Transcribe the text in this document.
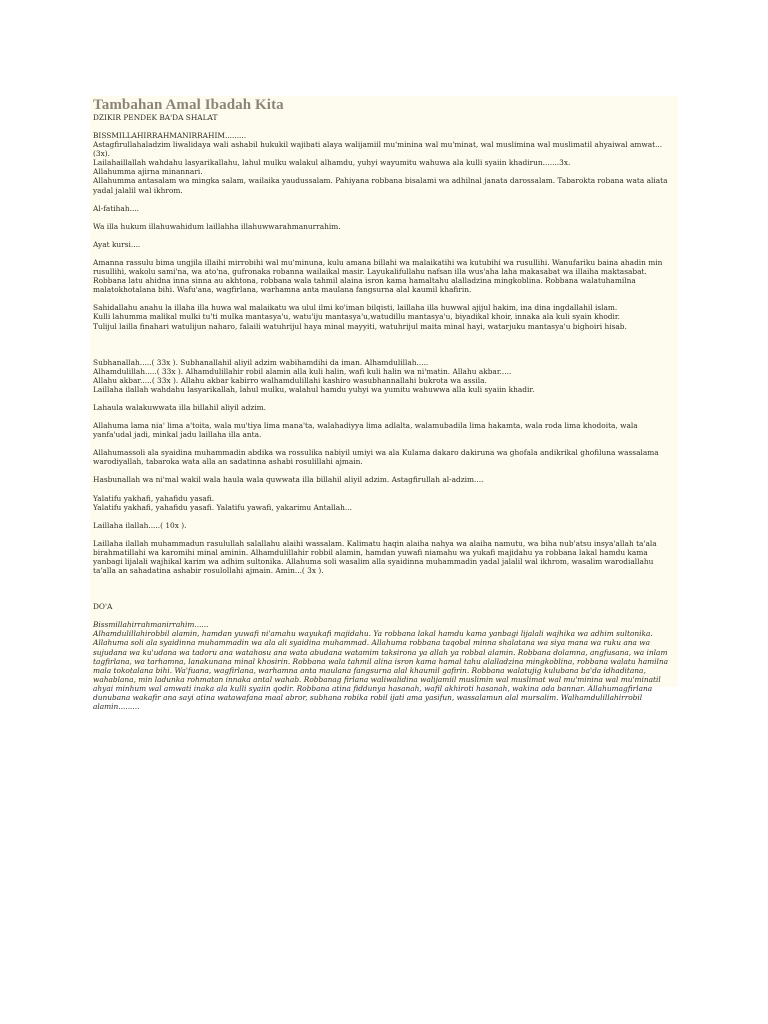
Tambahan Amal Ibadah Kita
DZIKIR PENDEK BA'DA SHALAT
BISSMILLAHIRRAHMANIRRAHIM.........
Astagfirullahaladzim liwalidaya wali ashabil hukukil wajibati alaya walijamiil mu'minina wal mu'minat, wal muslimina wal muslimatil ahyaiwal amwat...(3x).
Lailahaillallah wahdahu lasyarikallahu, lahul mulku walakul alhamdu, yuhyi wayumitu wahuwa ala kulli syaiin khadirun.......3x.
Allahumma ajirna minannari.
Allahumma antasalam wa mingka salam, wailaika yaudussalam. Pahiyana robbana bisalami wa adhilnal janata darossalam. Tabarokta robana wata aliata yadal jalalil wal ikhrom.
Al-fatihah....
Wa illa hukum illahuwahidum laillahha illahuwwarahmanurrahim.
Ayat kursi....
Amanna rassulu bima ungjila illaihi mirrobihi wal mu'minuna, kulu amana billahi wa malaikatihi wa kutubihi wa rusullihi. Wanufariku baina ahadin min rusullihi, wakolu sami'na, wa ato'na, gufronaka robanna wailaikal masir. Layukalifullahu nafsan illa wus'aha laha makasabat wa illaiha maktasabat. Robbana latu ahidna inna sinna au akhtona, robbana wala tahmil alaina isron kama hamaltahu alalladzina mingkoblina. Robbana walatuhamilna malatokhotalana bihi. Wafu'ana, wagfirlana, warhamna anta maulana fangsurna alal kaumil khafirin.
Sahidallahu anahu la illaha illa huwa wal malaikatu wa ulul ilmi ko'iman bilqisti, laillaha illa huwwal ajijul hakim, ina dina ingdallahil islam.
Kulli lahumma malikal mulki tu'ti mulka mantasya'u, watu'iju mantasya'u,watudillu mantasya'u, biyadikal khoir, innaka ala kuli syain khodir.
Tulijul lailla finahari watulijun naharo, falaili watuhrijul haya minal mayyiti, watuhrijul maita minal hayi, watarjuku mantasya'u bighoiri hisab.
Subhanallah.....( 33x ). Subhanallahil aliyil adzim wabihamdihi da iman. Alhamdulillah.....
Alhamdulillah.....( 33x ). Alhamdulillahir robil alamin alla kuli halin, wafi kuli halin wa ni'matin. Allahu akbar.....
Allahu akbar.....( 33x ). Allahu akbar kabirro walhamdulillahi kashiro wasubhannallahi bukrota wa assila.
Laillaha ilallah wahdahu lasyarikallah, lahul mulku, walahul hamdu yuhyi wa yumitu wahuwwa alla kuli syaiin khadir.
Lahaula walakuwwata illa billahil aliyil adzim.
Allahuma lama nia' lima a'toita, wala mu'tiya lima mana'ta, walahadiyya lima adlalta, walamubadila lima hakamta, wala roda lima khodoita, wala yanfa'udal jadi, minkal jadu laillaha illa anta.
Allahumassoli ala syaidina muhammadin abdika wa rossulika nabiyil umiyi wa ala Kulama dakaro dakiruna wa ghofala andikrikal ghofiluna wassalama warodiyallah, tabaroka wata alla an sadatinna ashabi rosulillahi ajmain.
Hasbunallah wa ni'mal wakil wala haula wala quwwata illa billahil aliyil adzim. Astagfirullah al-adzim....
Yalatifu yakhafi, yahafidu yasafi.
Yalatifu yakhafi, yahafidu yasafi. Yalatifu yawafi, yakarimu Antallah...
Laillaha ilallah.....( 10x ).
Laillaha ilallah muhammadun rasulullah salallahu alaihi wassalam. Kalimatu haqin alaiha nahya wa alaiha namutu, wa biha nub'atsu insya'allah ta'ala birahmatillahi wa karomihi minal aminin. Alhamdulillahir robbil alamin, hamdan yuwafi niamahu wa yukafi majidahu ya robbana lakal hamdu kama yanbagi lijalali wajhikal karim wa adhim sultonika. Allahuma soli wasalim alla syaidinna muhammadin yadal jalalil wal ikhrom, wasalim warodiallahu ta'alla an sahadatina ashabir rosulollahi ajmain. Amin...( 3x ).
DO'A
Bissmillahirrahmanirrahim......
Alhamdulillahirobbil alamin, hamdan yuwafi ni'amahu wayukafi majidahu. Ya robbana lakal hamdu kama yanbagi lijalali wajhika wa adhim sultonika. Allahuma soli ala syaidinna muhammadin wa ala ali syaidina muhammad. Allahuma robbana taqobal minna shalatana wa siya mana wa ruku ana wa sujudana wa ku'udana wa tadoru ana watahosu ana wata abudana watamim taksirona ya allah ya robbal alamin. Robbana dolamna, angfusana, wa inlam tagfirlana, wa tarhamna, lanakunana minal khosirin. Robbana wala tahmil alina isron kama hamal tahu alalladzina mingkoblina, robbana walatu hamilna mala tokotalana bihi. Wa'fuana, wagfirlana, warhamna anta maulana fangsurna alal khaumil gafirin. Robbana walatujig kulubana ba'da idhaditana, wahablana, min ladunka rohmatan innaka antal wahab. Robbanag firlana waliwalidina walijamiil muslimin wal muslimat wal mu'minina wal mu'minatil ahyai minhum wal amwati inaka ala kulli syaiin qodir. Robbana atina fiddunya hasanah, wafil akhiroti hasanah, wakina ada bannar. Allahumagfirlana dunubana wakafir ana sayi atina watawafana maal abror, subhana robika robil ijati ama yasifun, wassalamun alal mursalim. Walhamdulillahirrobil alamin.........
